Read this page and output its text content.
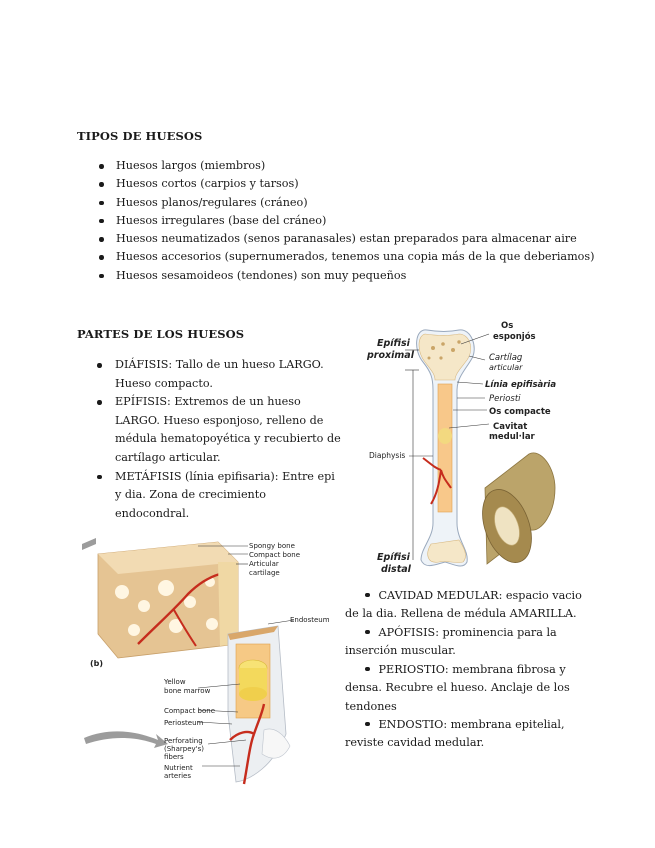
TIPOS DE HUESOS
Huesos largos (miembros)
Huesos cortos (carpios y tarsos)
Huesos planos/regulares (cráneo)
Huesos irregulares (base del cráneo)
Huesos neumatizados (senos paranasales) estan preparados para almacenar aire
Huesos accesorios (supernumerados, tenemos una copia más de la que deberiamos)
Huesos sesamoideos (tendones) son muy pequeños
PARTES DE LOS HUESOS
DIÁFISIS: Tallo de un hueso LARGO. Hueso compacto.
EPÍFISIS: Extremos de un hueso LARGO. Hueso esponjoso, relleno de médula hematopoyética y recubierto de cartílago articular.
METÁFISIS (línia epifisaria): Entre epi y dia. Zona de crecimiento endocondral.
CAVIDAD MEDULAR: espacio vacio de la dia. Rellena de médula AMARILLA.
APÓFISIS: prominencia para la inserción muscular.
PERIOSTIO: membrana fibrosa y densa. Recubre el hueso. Anclaje de los tendones
ENDOSTIO: membrana epitelial, reviste cavidad medular.
Epífisi
proximal
Os
esponjós
Cartílag
articular
Línia epifisària
Periosti
Os compacte
Cavitat
medul·lar
Diaphysis
Epífisi
distal
Spongy bone
Compact bone
Articular
cartilage
(b)
Endosteum
Yellow
bone marrow
Compact bone
Periosteum
Perforating
(Sharpey's)
fibers
Nutrient
arteries
